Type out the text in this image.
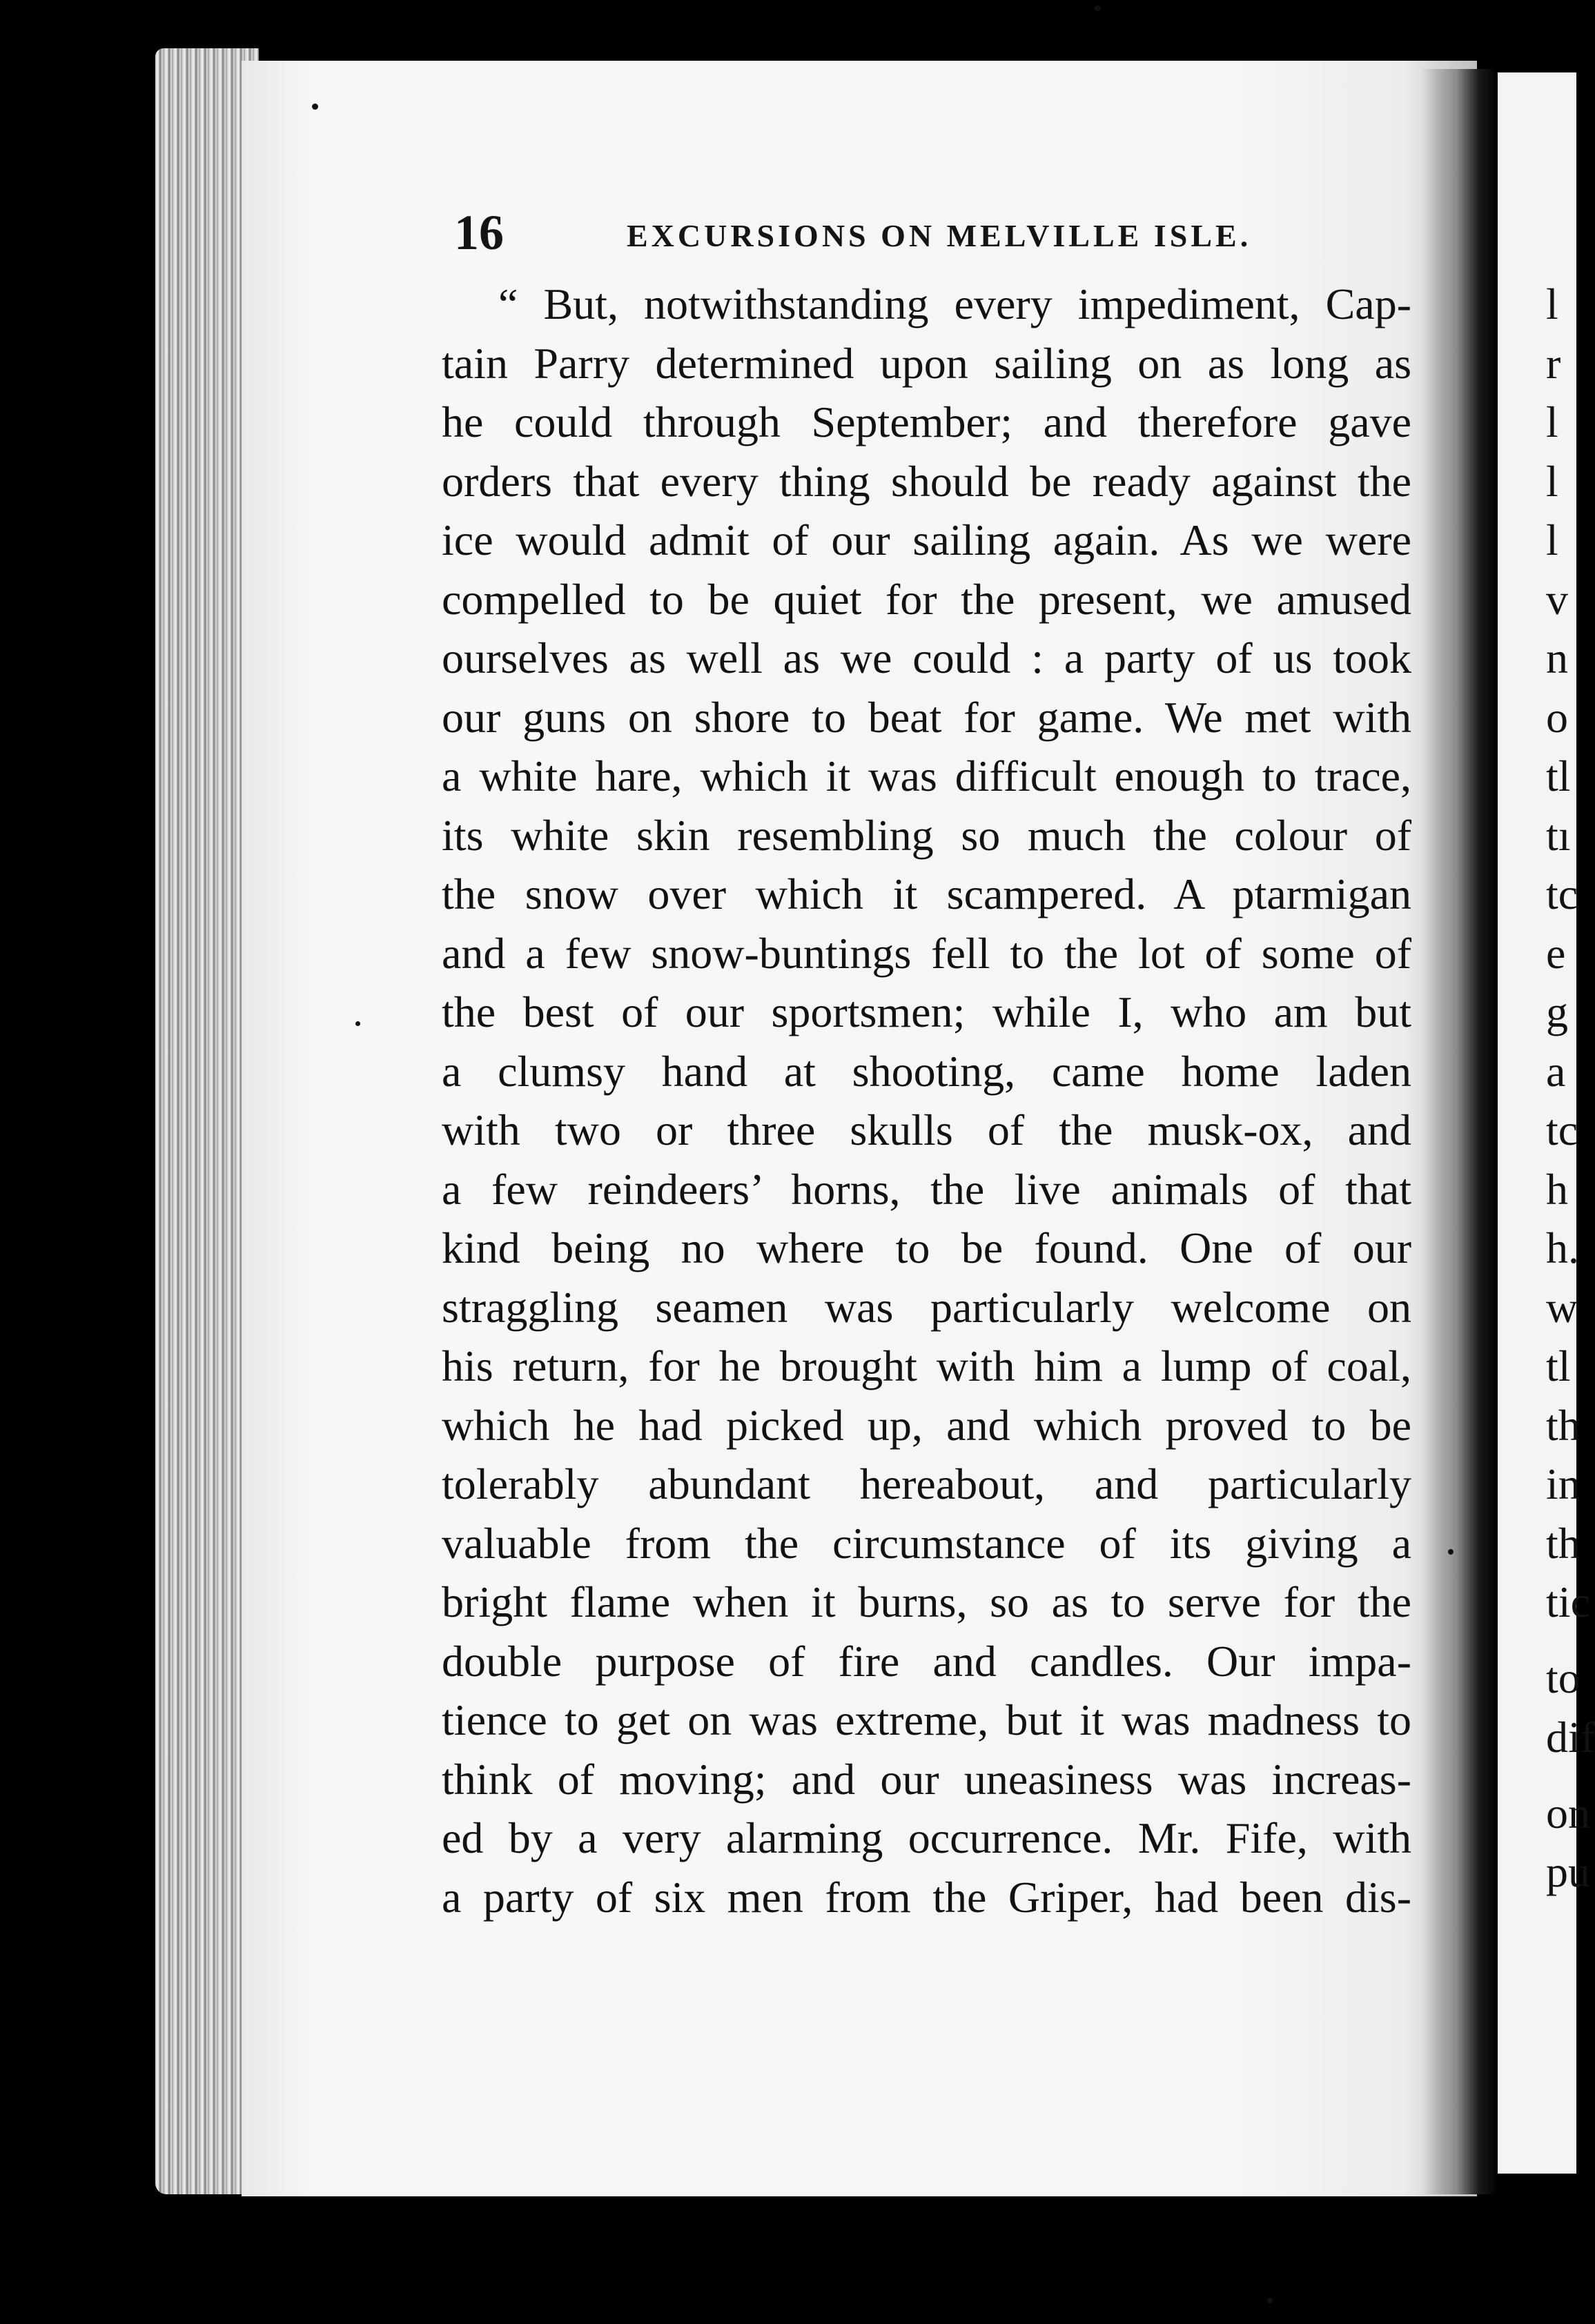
16	EXCURSIONS ON MELVILLE ISLE.
“ But, notwithstanding every impediment, Cap-
tain Parry determined upon sailing on as long as
he could through September; and therefore gave
orders that every thing should be ready against the
ice would admit of our sailing again. As we were
compelled to be quiet for the present, we amused
ourselves as well as we could : a party of us took
our guns on shore to beat for game. We met with
a white hare, which it was difficult enough to trace,
its white skin resembling so much the colour of
the snow over which it scampered. A ptarmigan
and a few snow-buntings fell to the lot of some of
the best of our sportsmen; while I, who am but
a clumsy hand at shooting, came home laden
with two or three skulls of the musk-ox, and
a few reindeers’ horns, the live animals of that
kind being no where to be found. One of our
straggling seamen was particularly welcome on
his return, for he brought with him a lump of coal,
which he had picked up, and which proved to be
tolerably abundant hereabout, and particularly
valuable from the circumstance of its giving a
bright flame when it burns, so as to serve for the
double purpose of fire and candles. Our impa-
tience to get on was extreme, but it was madness to
think of moving; and our uneasiness was increas-
ed by a very alarming occurrence. Mr. Fife, with
a party of six men from the Griper, had been dis-
l
r
l
l
l
v
n
o
tl
tı
tc
e
g
a
tc
h
h.
w
tl
th
in
th
tic
to
dif
on
pu
